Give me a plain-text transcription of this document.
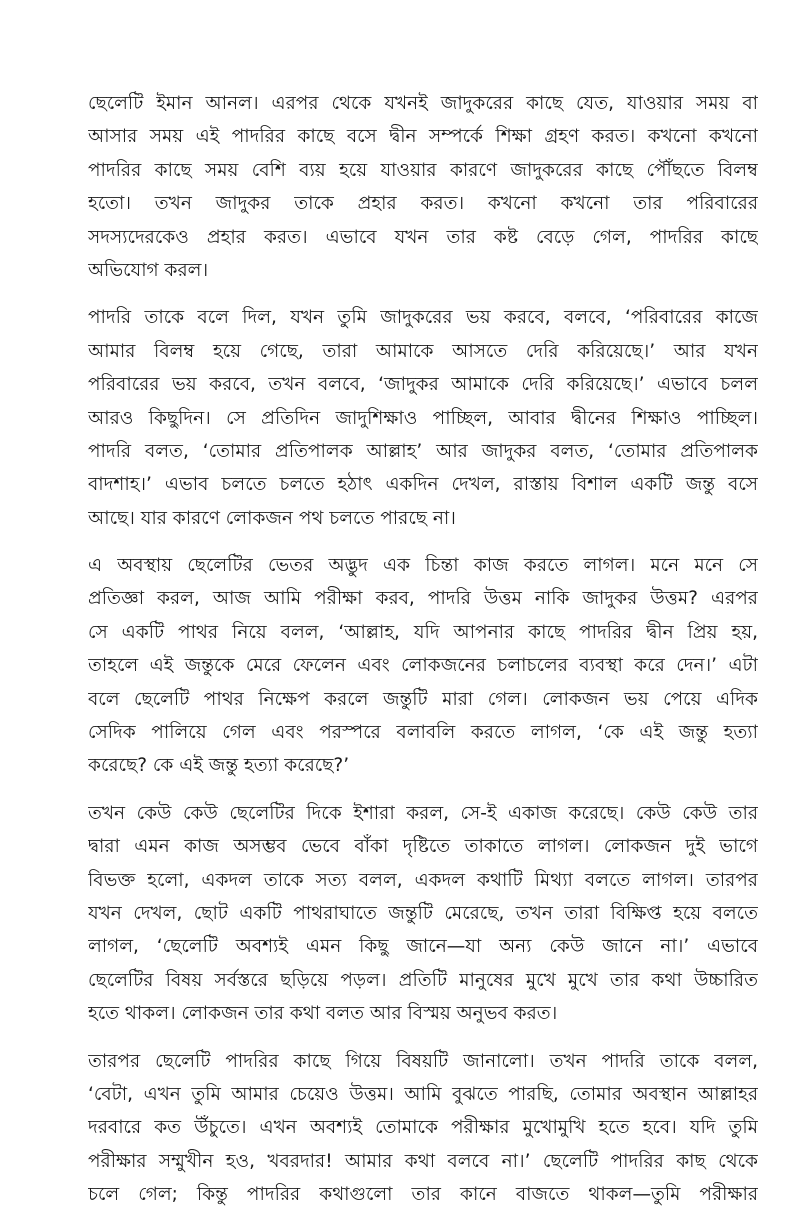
ছেলেটি ইমান আনল। এরপর থেকে যখনই জাদুকরের কাছে যেত, যাওয়ার সময় বা
আসার সময় এই পাদরির কাছে বসে দ্বীন সম্পর্কে শিক্ষা গ্রহণ করত। কখনো কখনো
পাদরির কাছে সময় বেশি ব্যয় হয়ে যাওয়ার কারণে জাদুকরের কাছে পৌঁছতে বিলম্ব
হতো। তখন জাদুকর তাকে প্রহার করত। কখনো কখনো তার পরিবারের
সদস্যদেরকেও প্রহার করত। এভাবে যখন তার কষ্ট বেড়ে গেল, পাদরির কাছে
অভিযোগ করল।
পাদরি তাকে বলে দিল, যখন তুমি জাদুকরের ভয় করবে, বলবে, ‘পরিবারের কাজে
আমার বিলম্ব হয়ে গেছে, তারা আমাকে আসতে দেরি করিয়েছে।’ আর যখন
পরিবারের ভয় করবে, তখন বলবে, ‘জাদুকর আমাকে দেরি করিয়েছে।’ এভাবে চলল
আরও কিছুদিন। সে প্রতিদিন জাদুশিক্ষাও পাচ্ছিল, আবার দ্বীনের শিক্ষাও পাচ্ছিল।
পাদরি বলত, ‘তোমার প্রতিপালক আল্লাহ’ আর জাদুকর বলত, ‘তোমার প্রতিপালক
বাদশাহ।’ এভাব চলতে চলতে হঠাৎ একদিন দেখল, রাস্তায় বিশাল একটি জন্তু বসে
আছে। যার কারণে লোকজন পথ চলতে পারছে না।
এ অবস্থায় ছেলেটির ভেতর অদ্ভুদ এক চিন্তা কাজ করতে লাগল। মনে মনে সে
প্রতিজ্ঞা করল, আজ আমি পরীক্ষা করব, পাদরি উত্তম নাকি জাদুকর উত্তম? এরপর
সে একটি পাথর নিয়ে বলল, ‘আল্লাহ, যদি আপনার কাছে পাদরির দ্বীন প্রিয় হয়,
তাহলে এই জন্তুকে মেরে ফেলেন এবং লোকজনের চলাচলের ব্যবস্থা করে দেন।’ এটা
বলে ছেলেটি পাথর নিক্ষেপ করলে জন্তুটি মারা গেল। লোকজন ভয় পেয়ে এদিক
সেদিক পালিয়ে গেল এবং পরস্পরে বলাবলি করতে লাগল, ‘কে এই জন্তু হত্যা
করেছে? কে এই জন্তু হত্যা করেছে?’
তখন কেউ কেউ ছেলেটির দিকে ইশারা করল, সে-ই একাজ করেছে। কেউ কেউ তার
দ্বারা এমন কাজ অসম্ভব ভেবে বাঁকা দৃষ্টিতে তাকাতে লাগল। লোকজন দুই ভাগে
বিভক্ত হলো, একদল তাকে সত্য বলল, একদল কথাটি মিথ্যা বলতে লাগল। তারপর
যখন দেখল, ছোট একটি পাথরাঘাতে জন্তুটি মেরেছে, তখন তারা বিক্ষিপ্ত হয়ে বলতে
লাগল, ‘ছেলেটি অবশ্যই এমন কিছু জানে—যা অন্য কেউ জানে না।’ এভাবে
ছেলেটির বিষয় সর্বস্তরে ছড়িয়ে পড়ল। প্রতিটি মানুষের মুখে মুখে তার কথা উচ্চারিত
হতে থাকল। লোকজন তার কথা বলত আর বিস্ময় অনুভব করত।
তারপর ছেলেটি পাদরির কাছে গিয়ে বিষয়টি জানালো। তখন পাদরি তাকে বলল,
‘বেটা, এখন তুমি আমার চেয়েও উত্তম। আমি বুঝতে পারছি, তোমার অবস্থান আল্লাহর
দরবারে কত উঁচুতে। এখন অবশ্যই তোমাকে পরীক্ষার মুখোমুখি হতে হবে। যদি তুমি
পরীক্ষার সম্মুখীন হও, খবরদার! আমার কথা বলবে না।’ ছেলেটি পাদরির কাছ থেকে
চলে গেল; কিন্তু পাদরির কথাগুলো তার কানে বাজতে থাকল—তুমি পরীক্ষার
